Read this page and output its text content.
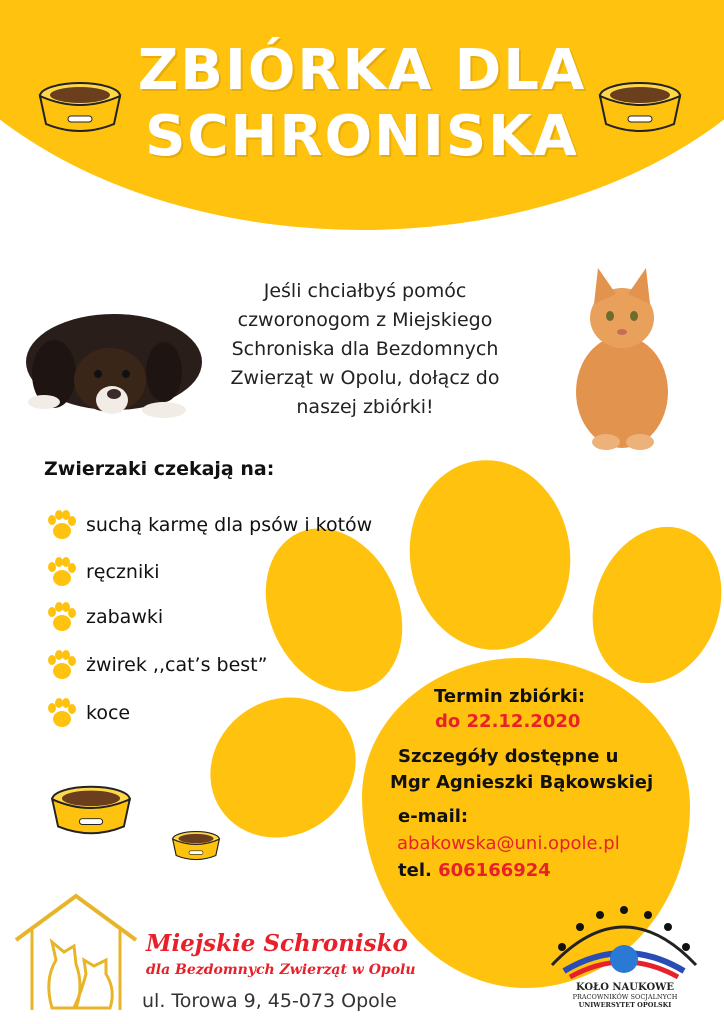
ZBIÓRKA DLA
SCHRONISKA
Jeśli chciałbyś pomóc
czworonogom z Miejskiego
Schroniska dla Bezdomnych
Zwierząt w Opolu, dołącz do
naszej zbiórki!
Zwierzaki czekają na:
suchą karmę dla psów i kotów
ręczniki
zabawki
żwirek ,,cat’s best”
koce
Termin zbiórki:
do 22.12.2020
Szczegóły dostępne u
Mgr Agnieszki Bąkowskiej
e-mail:
abakowska@uni.opole.pl
tel. 606166924
Miejskie Schronisko
dla Bezdomnych Zwierząt w Opolu
ul. Torowa 9, 45-073 Opole
KOŁO NAUKOWE
PRACOWNIKÓW SOCJALNYCH
UNIWERSYTET OPOLSKI
